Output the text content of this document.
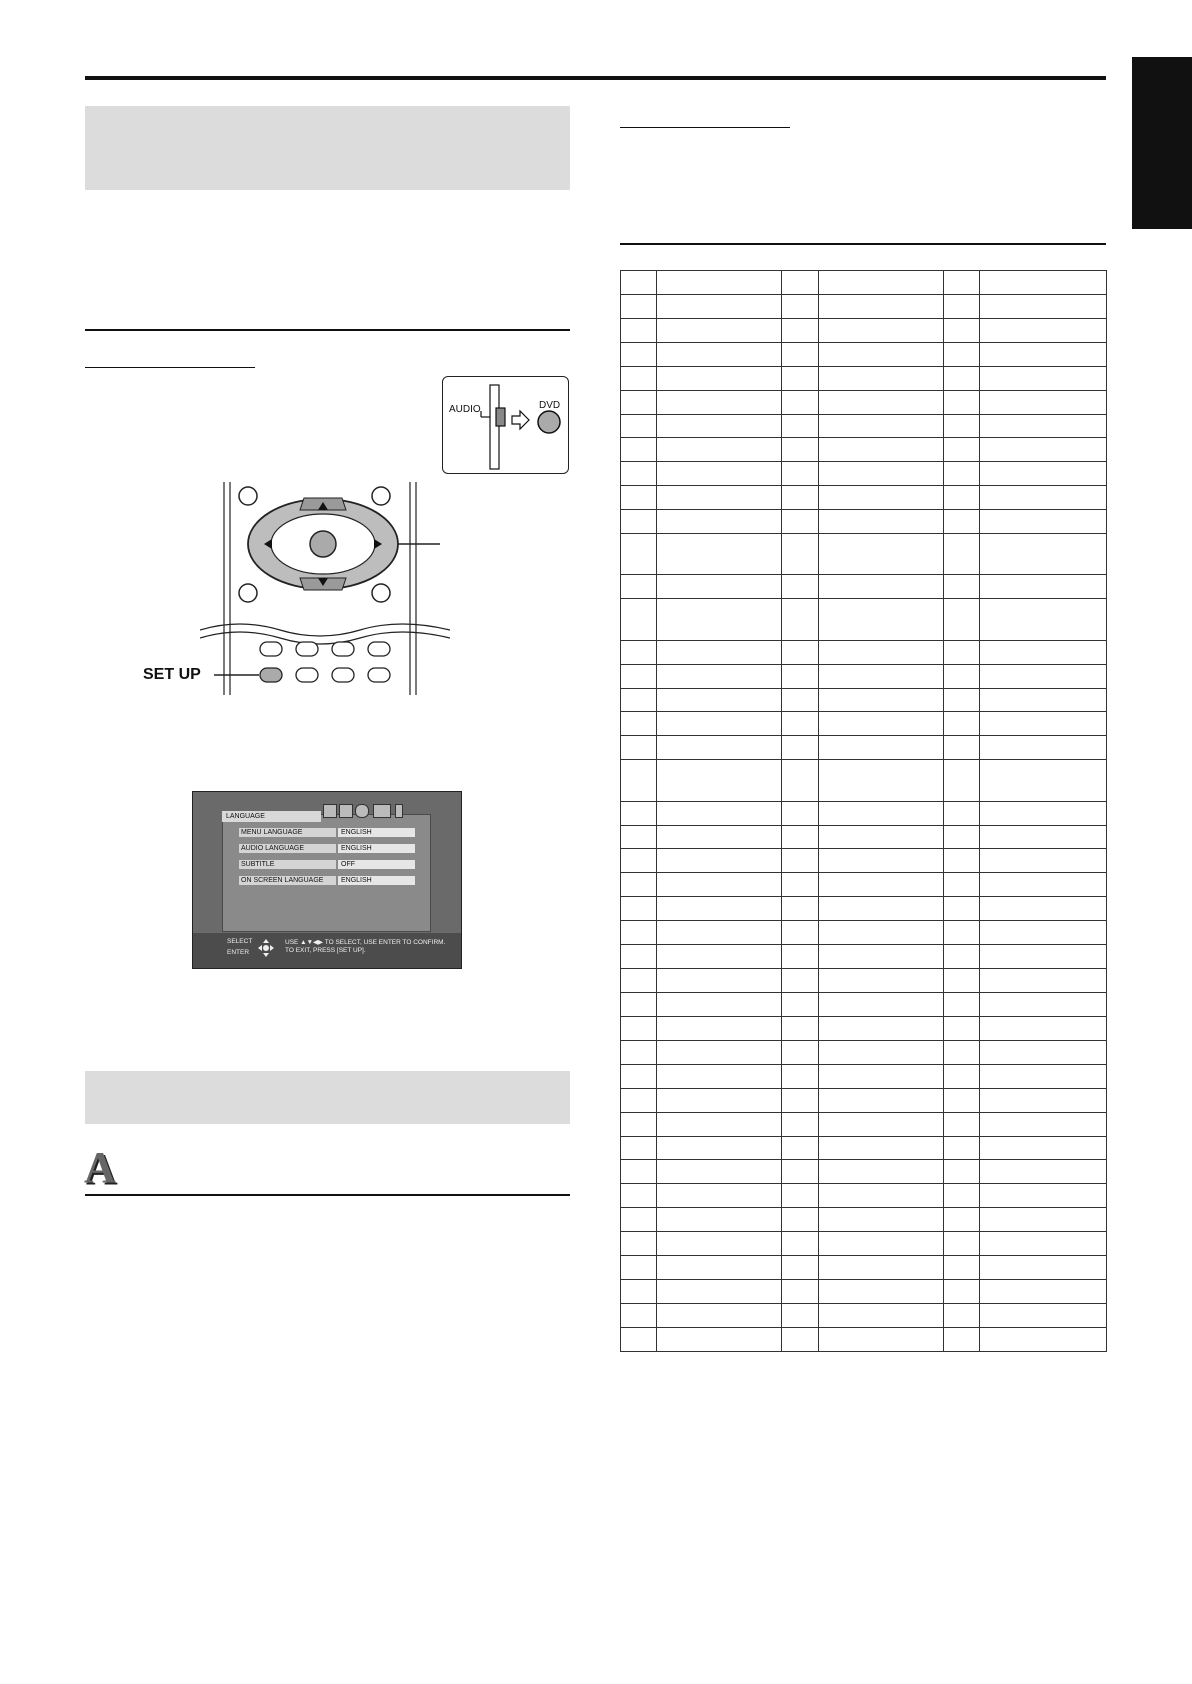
AUDIO	DVD
SET UP
LANGUAGE
MENU LANGUAGE	ENGLISH
AUDIO LANGUAGE	ENGLISH
SUBTITLE	OFF
ON SCREEN LANGUAGE	ENGLISH
SELECT
ENTER
USE ▲▼◀▶ TO SELECT, USE ENTER TO CONFIRM.
TO EXIT, PRESS [SET UP].
A
